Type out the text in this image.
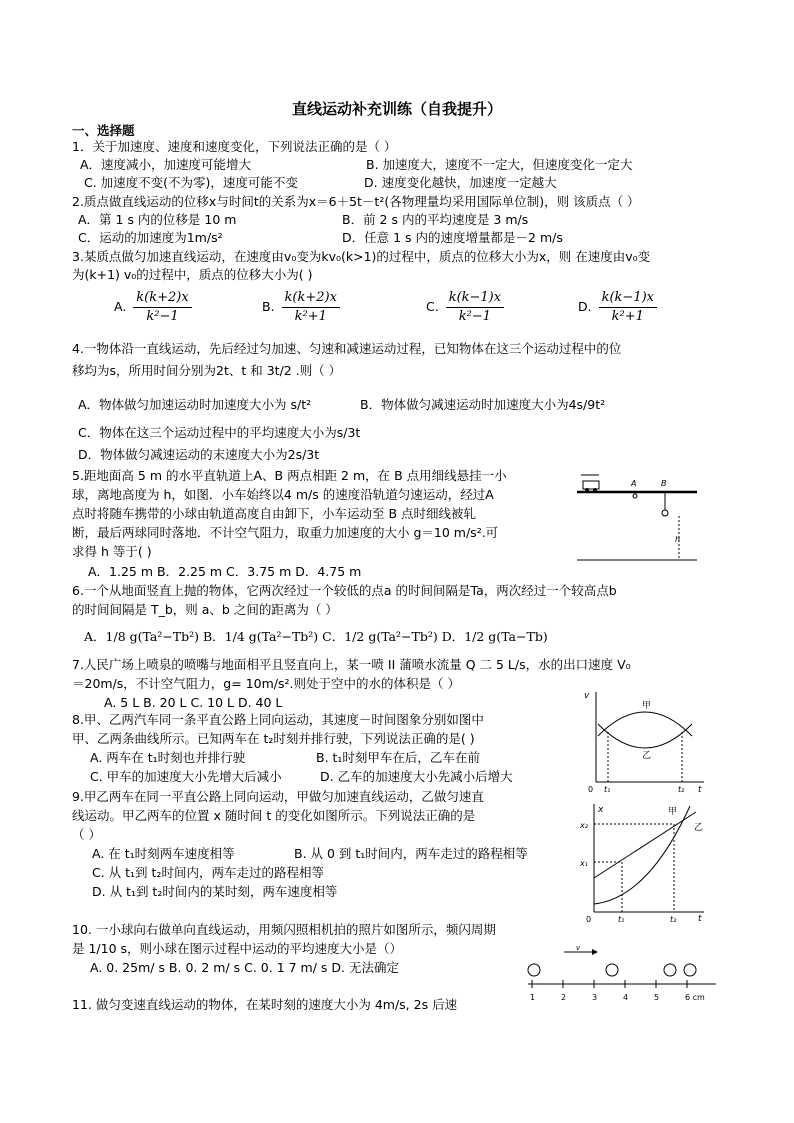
直线运动补充训练（自我提升）
一、选择题
1．关于加速度、速度和速度变化，下列说法正确的是（ ）
A．速度减小，加速度可能增大	B. 加速度大，速度不一定大，但速度变化一定大
C. 加速度不变(不为零)，速度可能不变	D. 速度变化越快，加速度一定越大
2.质点做直线运动的位移x与时间t的关系为x＝6＋5t－t²(各物理量均采用国际单位制)，则 该质点（ ）
A．第 1 s 内的位移是 10 m	B．前 2 s 内的平均速度是 3 m/s
C．运动的加速度为1m/s²	D．任意 1 s 内的速度增量都是－2 m/s
3.某质点做匀加速直线运动，在速度由v₀变为kv₀(k>1)的过程中，质点的位移大小为x，则 在速度由v₀变
为(k+1) v₀的过程中，质点的位移大小为( )
A. $\frac{k(k+2)x}{\text{k²−1}}$	B. $\frac{k(k+2)x}{\text{k²+1}}$	C. $\frac{k(k-1)x}{\text{k²−1}}$	D. $\frac{k(k-1)x}{\text{k²+1}}$
4.一物体沿一直线运动，先后经过匀加速、匀速和减速运动过程，已知物体在这三个运动过程中的位
移均为s，所用时间分别为2t、t 和 3t/2 .则（ ）
A．物体做匀加速运动时加速度大小为 s/t²	B．物体做匀减速运动时加速度大小为4s/9t²
C．物体在这三个运动过程中的平均速度大小为s/3t
D．物体做匀减速运动的末速度大小为2s/3t
5.距地面高 5 m 的水平直轨道上A、B 两点相距 2 m，在 B 点用细线悬挂一小
球，离地高度为 h，如图．小车始终以4 m/s 的速度沿轨道匀速运动，经过A
点时将随车携带的小球由轨道高度自由卸下，小车运动至 B 点时细线被轧
断，最后两球同时落地．不计空气阻力，取重力加速度的大小 g＝10 m/s².可
求得 h 等于( )
A．1.25 m B．2.25 m C．3.75 m D．4.75 m
A	B
h
6.一个从地面竖直上抛的物体，它两次经过一个较低的点a 的时间间隔是Ta，两次经过一个较高点b
的时间间隔是 T_b，则 a、b 之间的距离为（ ）
A．1/8 g(Ta²−Tb²) B．1/4 g(Ta²−Tb²) C．1/2 g(Ta²−Tb²) D．1/2 g(Ta−Tb)
7.人民广场上喷泉的喷嘴与地面相平且竖直向上，某一喷 II 蒲喷水流量 Q 二 5 L/s，水的出口速度 V₀
＝20m/s，不计空气阻力，g= 10m/s².则处于空中的水的体积是（ ）
A. 5 L B. 20 L C. 10 L D. 40 L
8.甲、乙两汽车同一条平直公路上同向运动，其速度－时间图象分别如图中
甲、乙两条曲线所示。已知两车在 t₂时刻并排行驶，下列说法正确的是( )
A. 两车在 t₁时刻也并排行驶	B. t₁时刻甲车在后，乙车在前
C. 甲车的加速度大小先增大后减小	D. 乙车的加速度大小先减小后增大
v
t
0 t₁	t₂
甲
乙
9.甲乙两车在同一平直公路上同向运动，甲做匀加速直线运动，乙做匀速直
线运动。甲乙两车的位置 x 随时间 t 的变化如图所示。下列说法正确的是
（ ）
A. 在 t₁时刻两车速度相等	B. 从 0 到 t₁时间内，两车走过的路程相等
C. 从 t₁到 t₂时间内，两车走过的路程相等
D. 从 t₁到 t₂时间内的某时刻，两车速度相等
x
t
0
x₁
x₂
t₁	t₂
甲
乙
10. 一小球向右做单向直线运动，用频闪照相机拍的照片如图所示，频闪周期
是 1/10 s，则小球在图示过程中运动的平均速度大小是（）
A. 0. 25m/ s B. 0. 2 m/ s C. 0. 1 7 m/ s D. 无法确定
v
1	2	3	4	5	6 cm
11. 做匀变速直线运动的物体，在某时刻的速度大小为 4m/s, 2s 后速
